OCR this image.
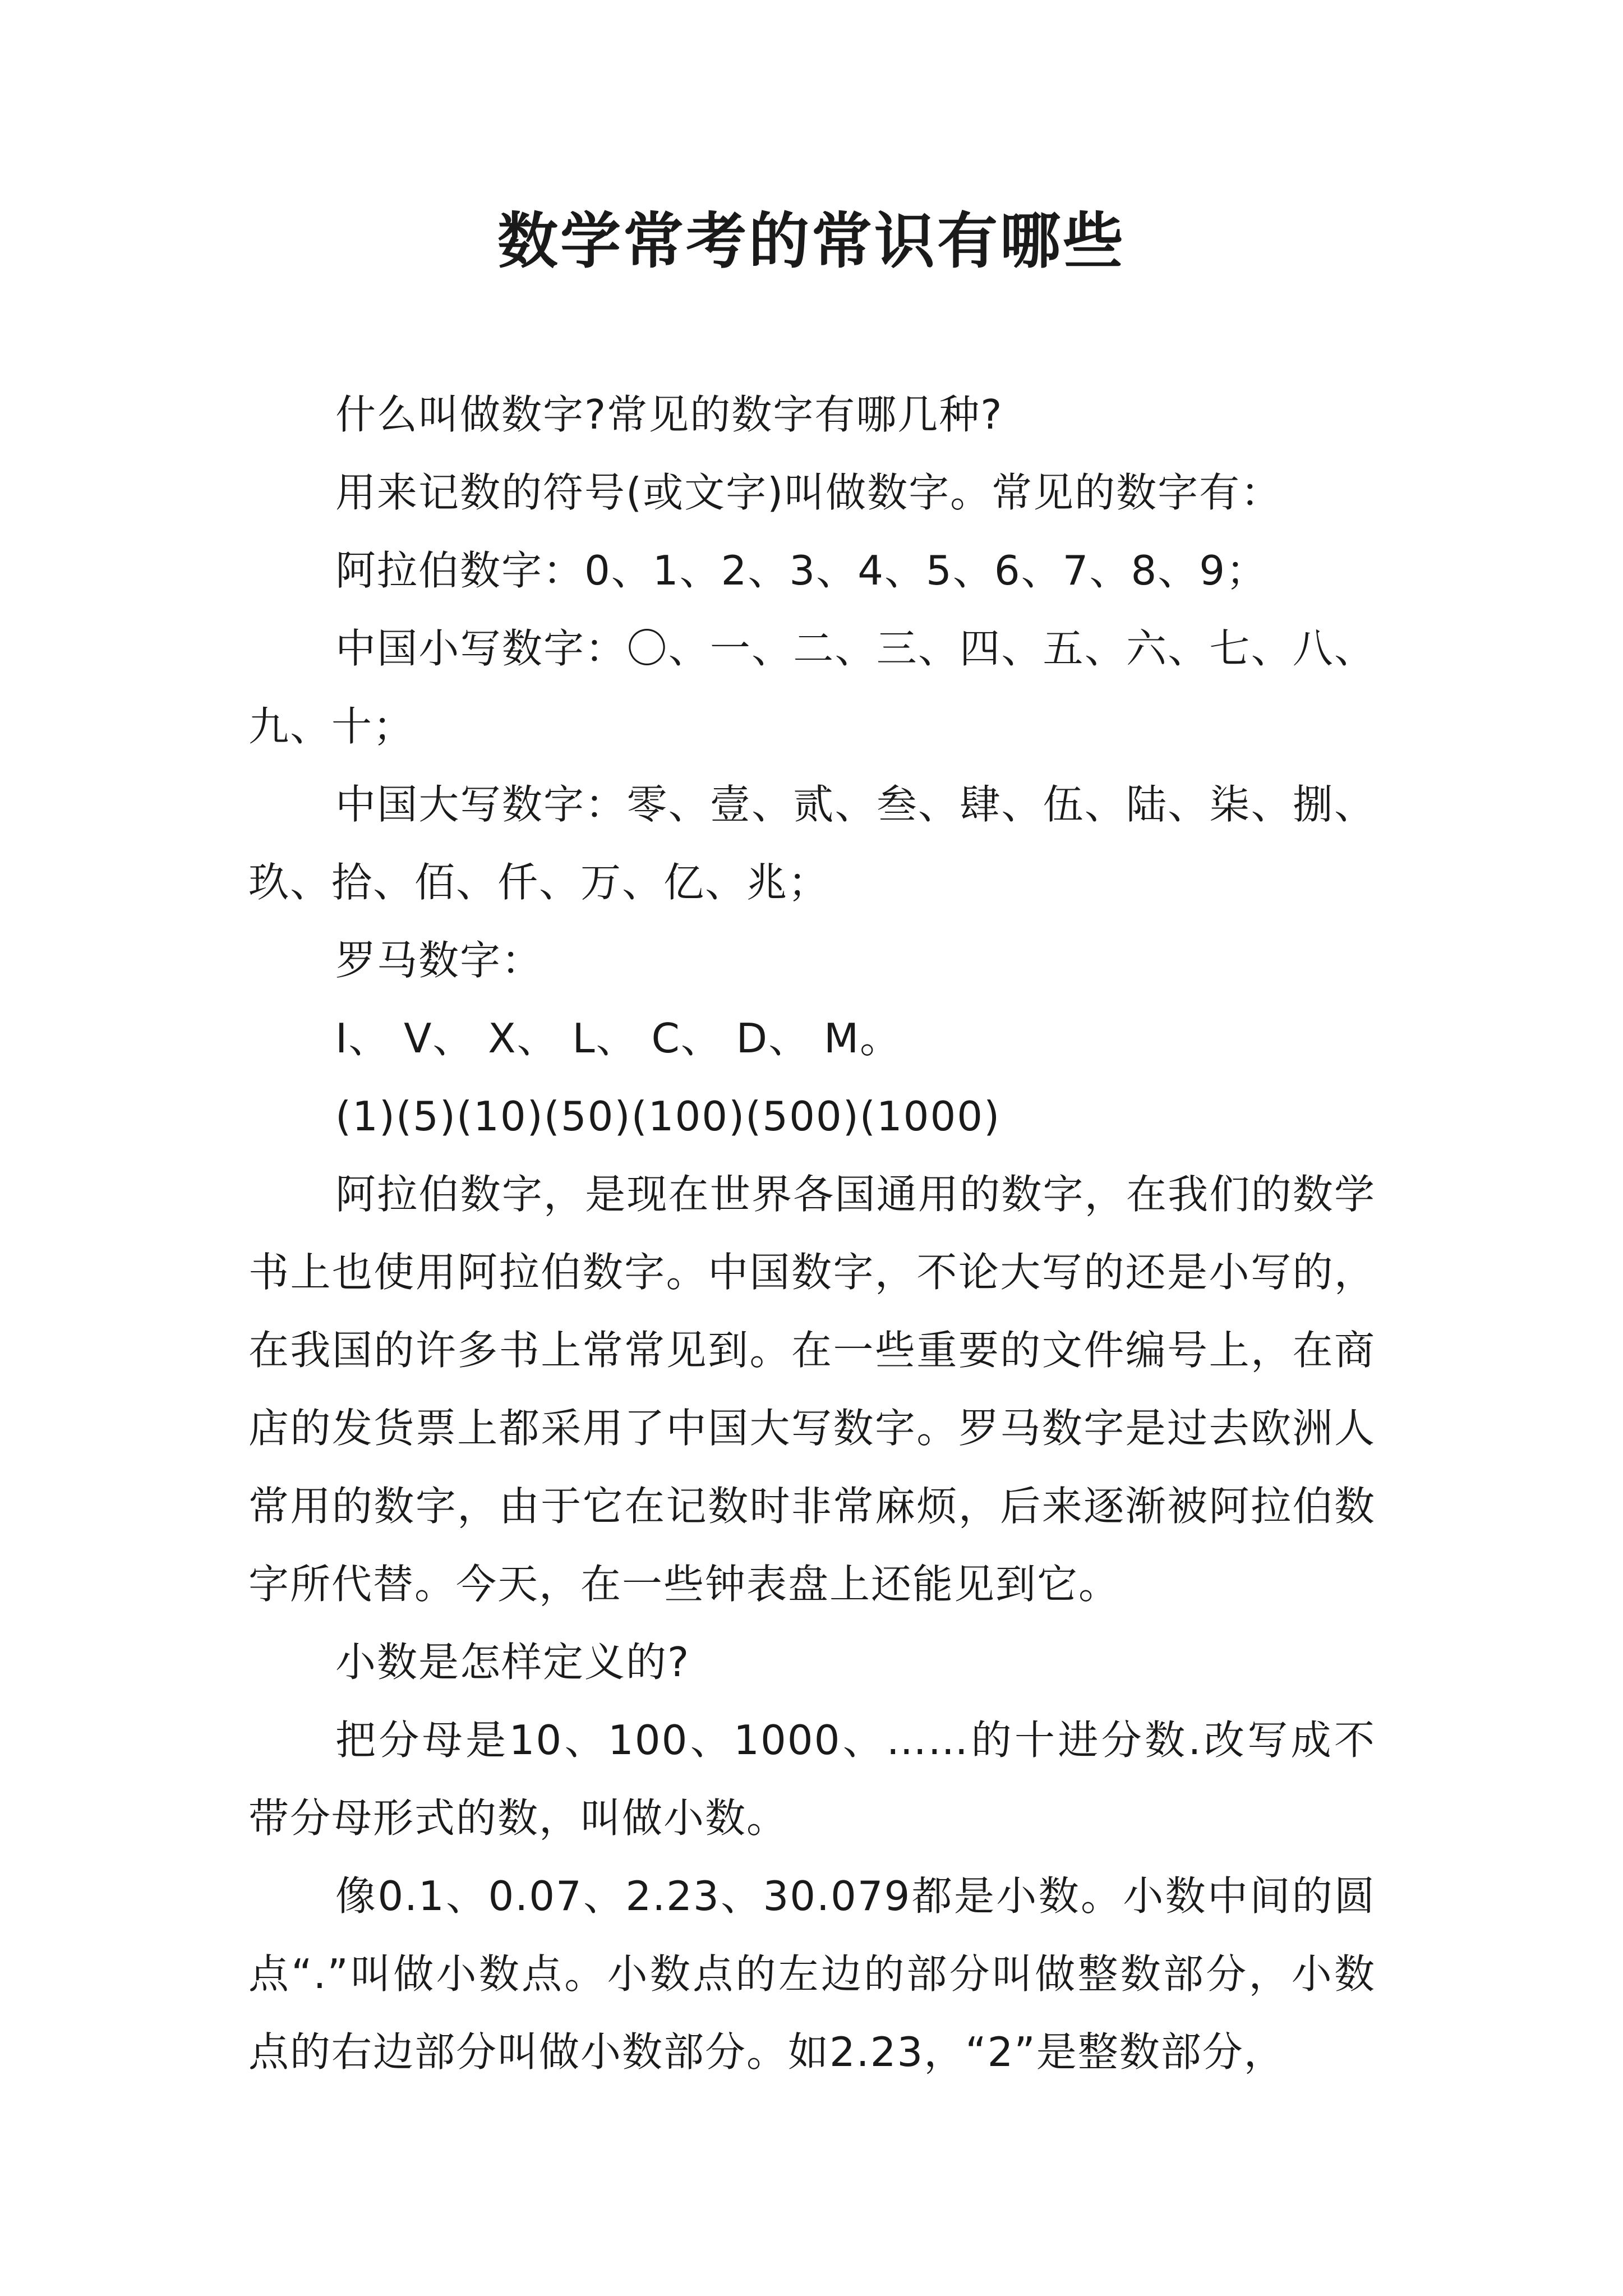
数学常考的常识有哪些

什么叫做数字?常见的数字有哪几种?

用来记数的符号(或文字)叫做数字。常见的数字有：

阿拉伯数字：0、1、2、3、4、5、6、7、8、9；

中国小写数字：〇、一、二、三、四、五、六、七、八、九、十；

中国大写数字：零、壹、贰、叁、肆、伍、陆、柒、捌、玖、拾、佰、仟、万、亿、兆；

罗马数字：

I、 V、 X、 L、 C、 D、 M。

(1)(5)(10)(50)(100)(500)(1000)

阿拉伯数字，是现在世界各国通用的数字，在我们的数学书上也使用阿拉伯数字。中国数字，不论大写的还是小写的，在我国的许多书上常常见到。在一些重要的文件编号上，在商店的发货票上都采用了中国大写数字。罗马数字是过去欧洲人常用的数字，由于它在记数时非常麻烦，后来逐渐被阿拉伯数字所代替。今天，在一些钟表盘上还能见到它。

小数是怎样定义的?

把分母是10、100、1000、……的十进分数.改写成不带分母形式的数，叫做小数。

像0.1、0.07、2.23、30.079都是小数。小数中间的圆点“.”叫做小数点。小数点的左边的部分叫做整数部分，小数点的右边部分叫做小数部分。如2.23，“2”是整数部分，
